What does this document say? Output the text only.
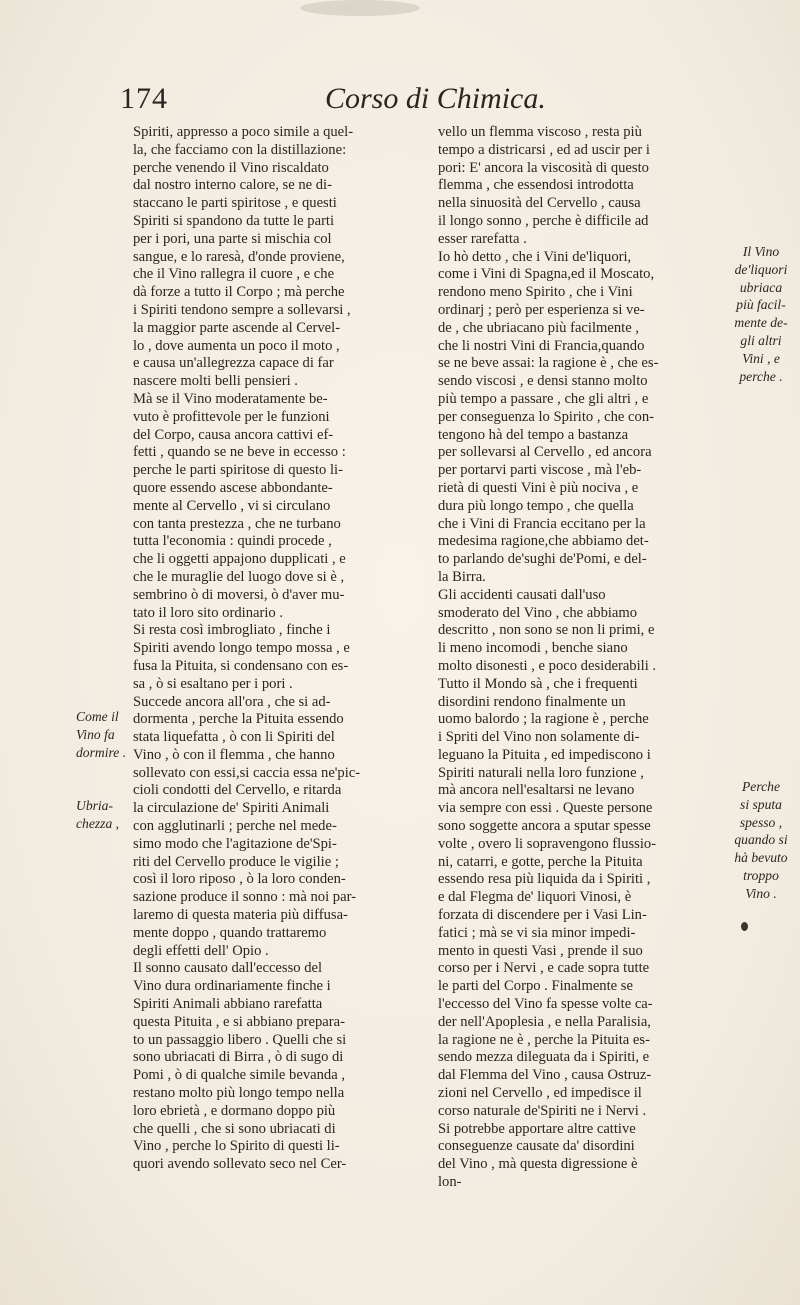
174	Corso di Chimica.
Spiriti, appresso a poco simile a quel-
la, che facciamo con la distillazione:
perche venendo il Vino riscaldato
dal nostro interno calore, se ne di-
staccano le parti spiritose , e questi
Spiriti si spandono da tutte le parti
per i pori, una parte si mischia col
sangue, e lo raresà, d'onde proviene,
che il Vino rallegra il cuore , e che
dà forze a tutto il Corpo ; mà perche
i Spiriti tendono sempre a sollevarsi ,
la maggior parte ascende al Cervel-
lo , dove aumenta un poco il moto ,
e causa un'allegrezza capace di far
nascere molti belli pensieri .
Mà se il Vino moderatamente be-
vuto è profittevole per le funzioni
del Corpo, causa ancora cattivi ef-
fetti , quando se ne beve in eccesso :
perche le parti spiritose di questo li-
quore essendo ascese abbondante-
mente al Cervello , vi si circulano
con tanta prestezza , che ne turbano
tutta l'economia : quindi procede ,
che li oggetti appajono dupplicati , e
che le muraglie del luogo dove si è ,
sembrino ò di moversi, ò d'aver mu-
tato il loro sito ordinario .
Si resta così imbrogliato , finche i
Spiriti avendo longo tempo mossa , e
fusa la Pituita, si condensano con es-
sa , ò si esaltano per i pori .
Succede ancora all'ora , che si ad-
dormenta , perche la Pituita essendo
stata liquefatta , ò con li Spiriti del
Vino , ò con il flemma , che hanno
sollevato con essi,si caccia essa ne'pic-
cioli condotti del Cervello, e ritarda
la circulazione de' Spiriti Animali
con agglutinarli ; perche nel mede-
simo modo che l'agitazione de'Spi-
riti del Cervello produce le vigilie ;
così il loro riposo , ò la loro conden-
sazione produce il sonno : mà noi par-
laremo di questa materia più diffusa-
mente doppo , quando trattaremo
degli effetti dell' Opio .
Il sonno causato dall'eccesso del
Vino dura ordinariamente finche i
Spiriti Animali abbiano rarefatta
questa Pituita , e si abbiano prepara-
to un passaggio libero . Quelli che si
sono ubriacati di Birra , ò di sugo di
Pomi , ò di qualche simile bevanda ,
restano molto più longo tempo nella
loro ebrietà , e dormano doppo più
che quelli , che si sono ubriacati di
Vino , perche lo Spirito di questi li-
quori avendo sollevato seco nel Cer-
vello un flemma viscoso , resta più
tempo a districarsi , ed ad uscir per i
pori: E' ancora la viscosità di questo
flemma , che essendosi introdotta
nella sinuosità del Cervello , causa
il longo sonno , perche è difficile ad
esser rarefatta .
Io hò detto , che i Vini de'liquori,
come i Vini di Spagna,ed il Moscato,
rendono meno Spirito , che i Vini
ordinarj ; però per esperienza si ve-
de , che ubriacano più facilmente ,
che li nostri Vini di Francia,quando
se ne beve assai: la ragione è , che es-
sendo viscosi , e densi stanno molto
più tempo a passare , che gli altri , e
per conseguenza lo Spirito , che con-
tengono hà del tempo a bastanza
per sollevarsi al Cervello , ed ancora
per portarvi parti viscose , mà l'eb-
rietà di questi Vini è più nociva , e
dura più longo tempo , che quella
che i Vini di Francia eccitano per la
medesima ragione,che abbiamo det-
to parlando de'sughi de'Pomi, e del-
la Birra.
Gli accidenti causati dall'uso
smoderato del Vino , che abbiamo
descritto , non sono se non li primi, e
li meno incomodi , benche siano
molto disonesti , e poco desiderabili .
Tutto il Mondo sà , che i frequenti
disordini rendono finalmente un
uomo balordo ; la ragione è , perche
i Spriti del Vino non solamente di-
leguano la Pituita , ed impediscono i
Spiriti naturali nella loro funzione ,
mà ancora nell'esaltarsi ne levano
via sempre con essi . Queste persone
sono soggette ancora a sputar spesse
volte , overo li sopravengono flussio-
ni, catarri, e gotte, perche la Pituita
essendo resa più liquida da i Spiriti ,
e dal Flegma de' liquori Vinosi, è
forzata di discendere per i Vasi Lin-
fatici ; mà se vi sia minor impedi-
mento in questi Vasi , prende il suo
corso per i Nervi , e cade sopra tutte
le parti del Corpo . Finalmente se
l'eccesso del Vino fa spesse volte ca-
der nell'Apoplesia , e nella Paralisia,
la ragione ne è , perche la Pituita es-
sendo mezza dileguata da i Spiriti, e
dal Flemma del Vino , causa Ostruz-
zioni nel Cervello , ed impedisce il
corso naturale de'Spiriti ne i Nervi .
Si potrebbe apportare altre cattive
conseguenze causate da' disordini
del Vino , mà questa digressione è
lon-
Ubria-
chezza ,
Come il
Vino fa
dormire .
Il Vino
de'liquori
ubriaca
più facil-
mente de-
gli altri
Vini , e
perche .
Perche
si sputa
spesso ,
quando si
hà bevuto
troppo
Vino .
